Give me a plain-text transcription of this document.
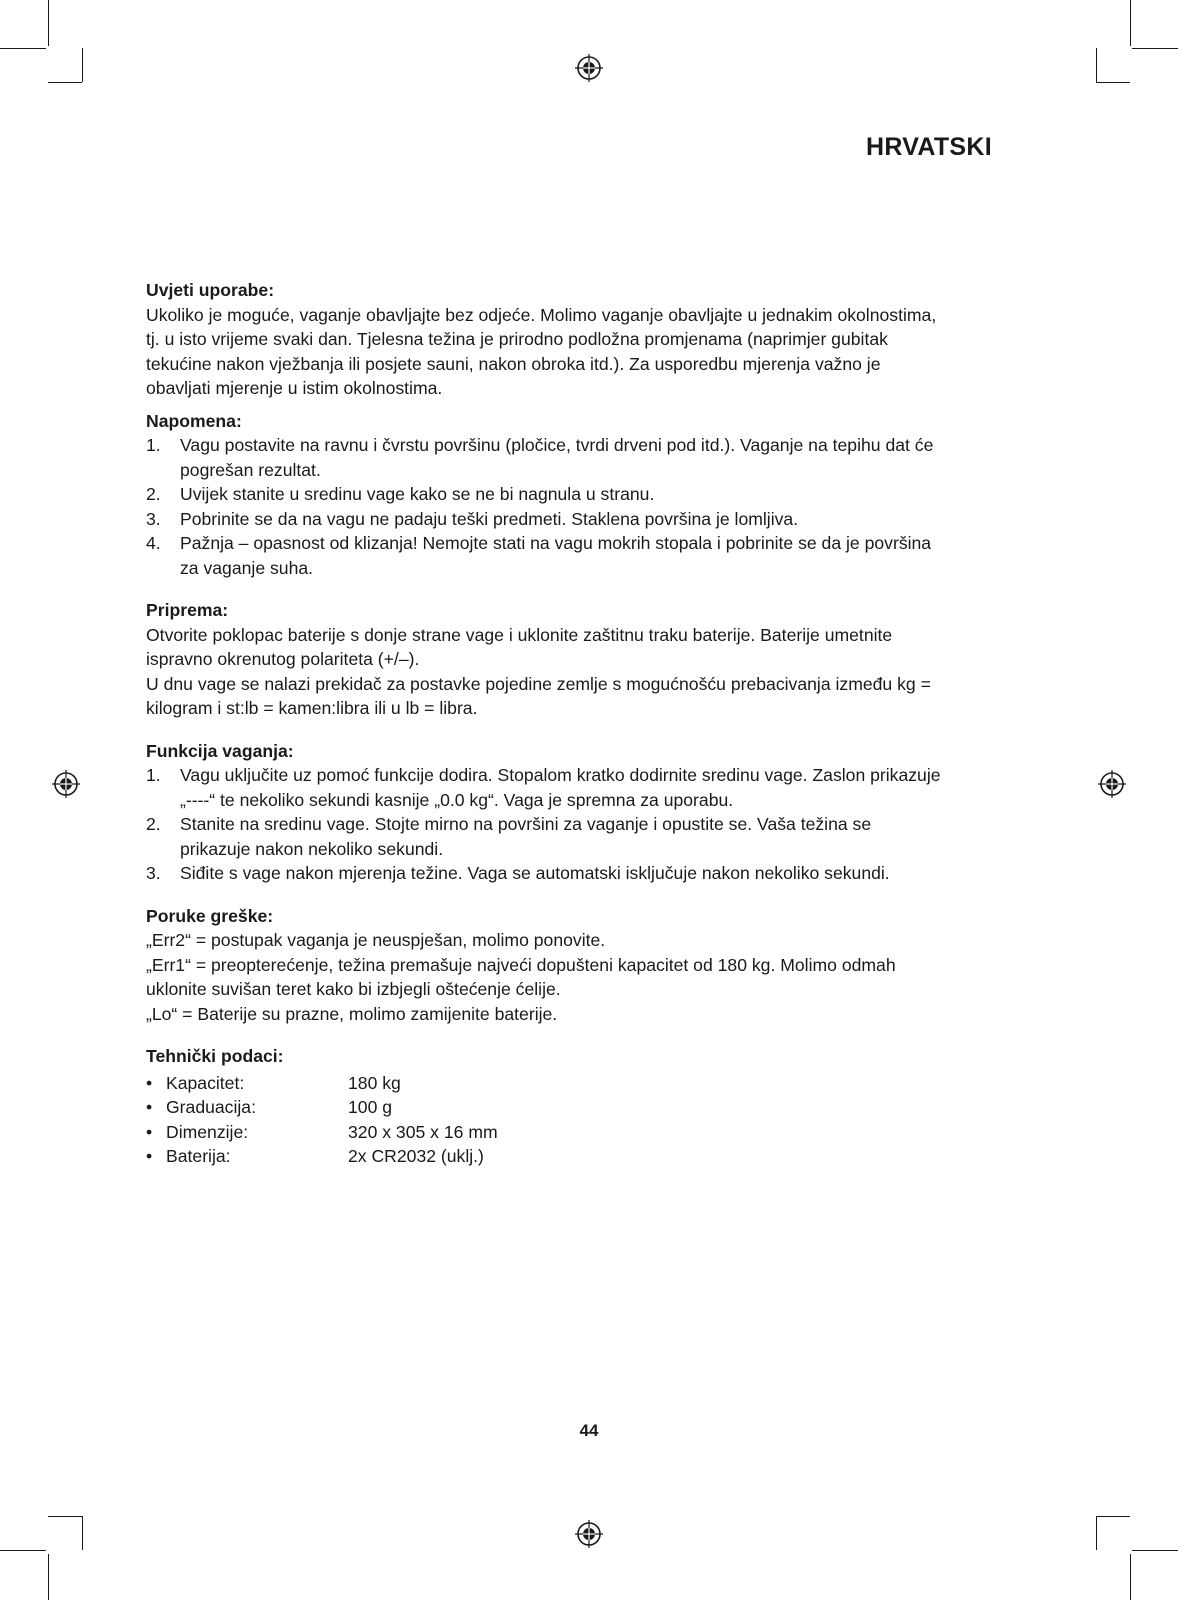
HRVATSKI

Uvjeti uporabe:

Ukoliko je moguće, vaganje obavljajte bez odjeće. Molimo vaganje obavljajte u jednakim okolnostima, tj. u isto vrijeme svaki dan. Tjelesna težina je prirodno podložna promjenama (naprimjer gubitak tekućine nakon vježbanja ili posjete sauni, nakon obroka itd.). Za usporedbu mjerenja važno je obavljati mjerenje u istim okolnostima.

Napomena:

1. Vagu postavite na ravnu i čvrstu površinu (pločice, tvrdi drveni pod itd.). Vaganje na tepihu dat će pogrešan rezultat.
2. Uvijek stanite u sredinu vage kako se ne bi nagnula u stranu.
3. Pobrinite se da na vagu ne padaju teški predmeti. Staklena površina je lomljiva.
4. Pažnja – opasnost od klizanja! Nemojte stati na vagu mokrih stopala i pobrinite se da je površina za vaganje suha.

Priprema:

Otvorite poklopac baterije s donje strane vage i uklonite zaštitnu traku baterije. Baterije umetnite ispravno okrenutog polariteta (+/–).

U dnu vage se nalazi prekidač za postavke pojedine zemlje s mogućnošću prebacivanja između kg = kilogram i st:lb = kamen:libra ili u lb = libra.

Funkcija vaganja:

1. Vagu uključite uz pomoć funkcije dodira. Stopalom kratko dodirnite sredinu vage. Zaslon prikazuje „----“ te nekoliko sekundi kasnije „0.0 kg“. Vaga je spremna za uporabu.
2. Stanite na sredinu vage. Stojte mirno na površini za vaganje i opustite se. Vaša težina se prikazuje nakon nekoliko sekundi.
3. Siđite s vage nakon mjerenja težine. Vaga se automatski isključuje nakon nekoliko sekundi.

Poruke greške:

„Err2“ = postupak vaganja je neuspješan, molimo ponovite.

„Err1“ = preopterećenje, težina premašuje najveći dopušteni kapacitet od 180 kg. Molimo odmah uklonite suvišan teret kako bi izbjegli oštećenje ćelije.

„Lo“ = Baterije su prazne, molimo zamijenite baterije.

Tehnički podaci:

• Kapacitet:	180 kg
• Graduacija:	100 g
• Dimenzije:	320 x 305 x 16 mm
• Baterija:	2x CR2032 (uklj.)
44
